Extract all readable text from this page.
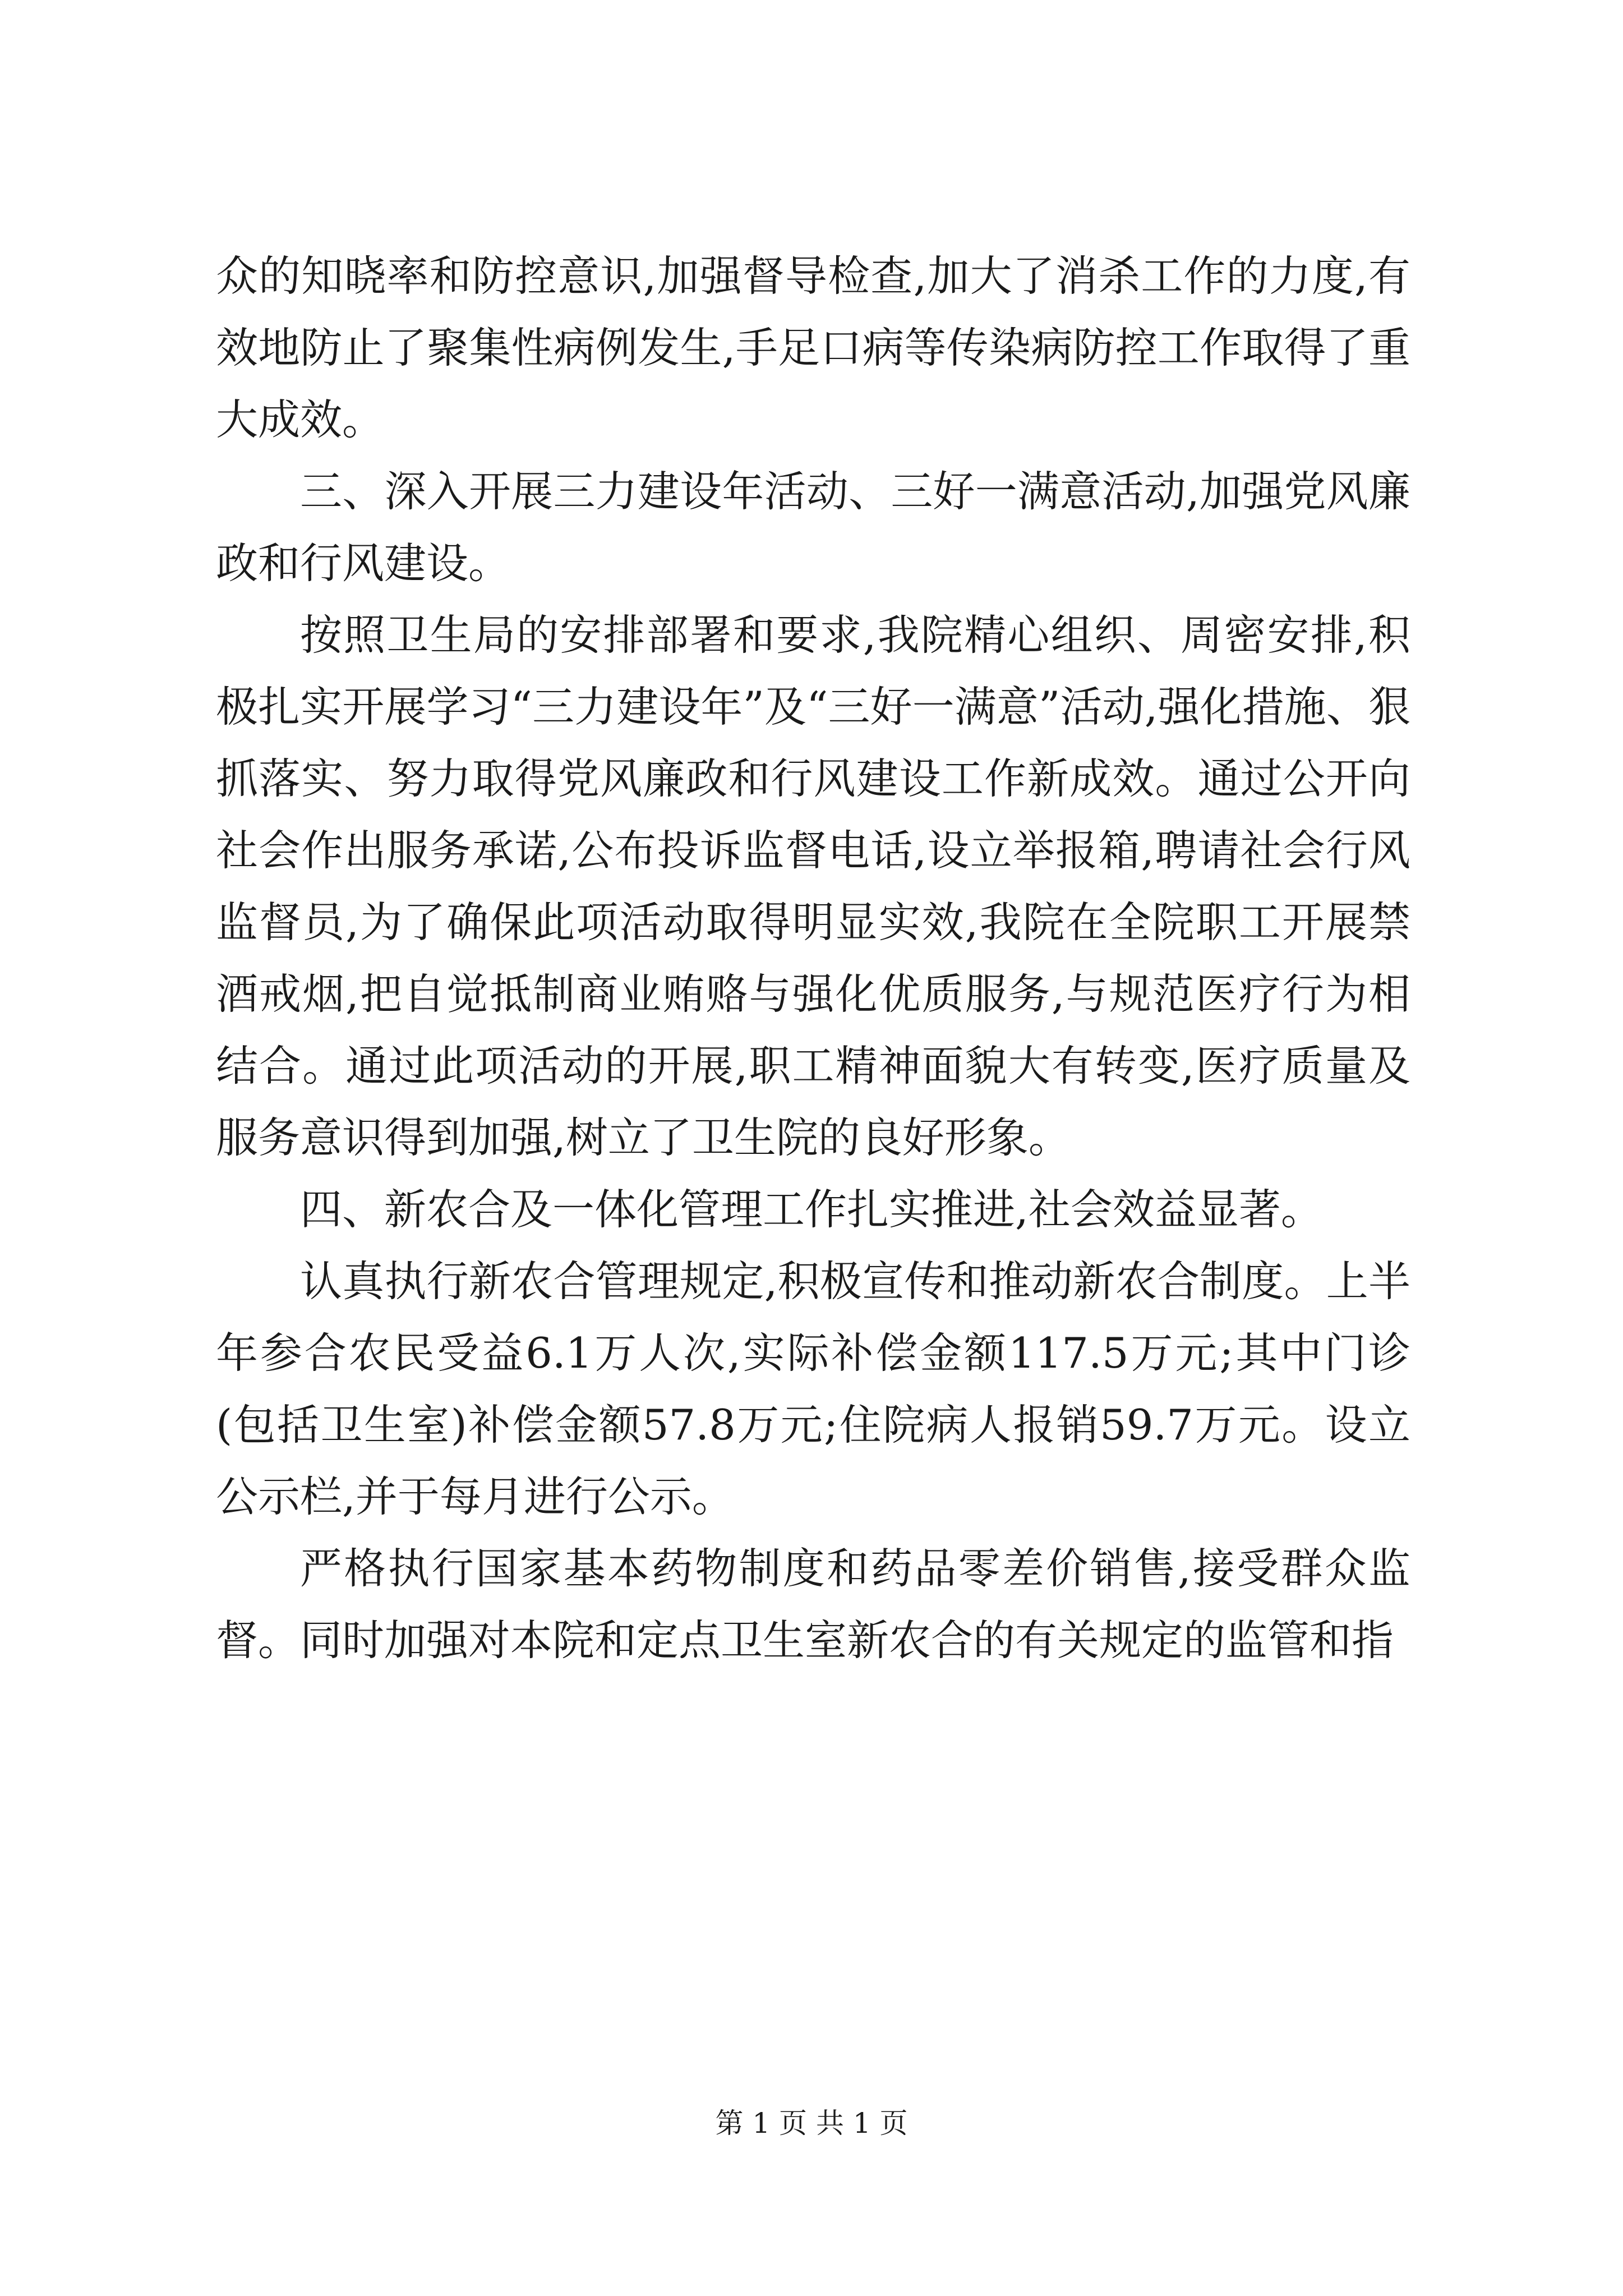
众的知晓率和防控意识,加强督导检查,加大了消杀工作的力度,有效地防止了聚集性病例发生,手足口病等传染病防控工作取得了重大成效。

三、深入开展三力建设年活动、三好一满意活动,加强党风廉政和行风建设。

按照卫生局的安排部署和要求,我院精心组织、周密安排,积极扎实开展学习“三力建设年”及“三好一满意”活动,强化措施、狠抓落实、努力取得党风廉政和行风建设工作新成效。通过公开向社会作出服务承诺,公布投诉监督电话,设立举报箱,聘请社会行风监督员,为了确保此项活动取得明显实效,我院在全院职工开展禁酒戒烟,把自觉抵制商业贿赂与强化优质服务,与规范医疗行为相结合。通过此项活动的开展,职工精神面貌大有转变,医疗质量及服务意识得到加强,树立了卫生院的良好形象。

四、新农合及一体化管理工作扎实推进,社会效益显著。

认真执行新农合管理规定,积极宣传和推动新农合制度。上半年参合农民受益6.1万人次,实际补偿金额117.5万元;其中门诊(包括卫生室)补偿金额57.8万元;住院病人报销59.7万元。设立公示栏,并于每月进行公示。

严格执行国家基本药物制度和药品零差价销售,接受群众监督。同时加强对本院和定点卫生室新农合的有关规定的监管和指

第 1 页 共 1 页
